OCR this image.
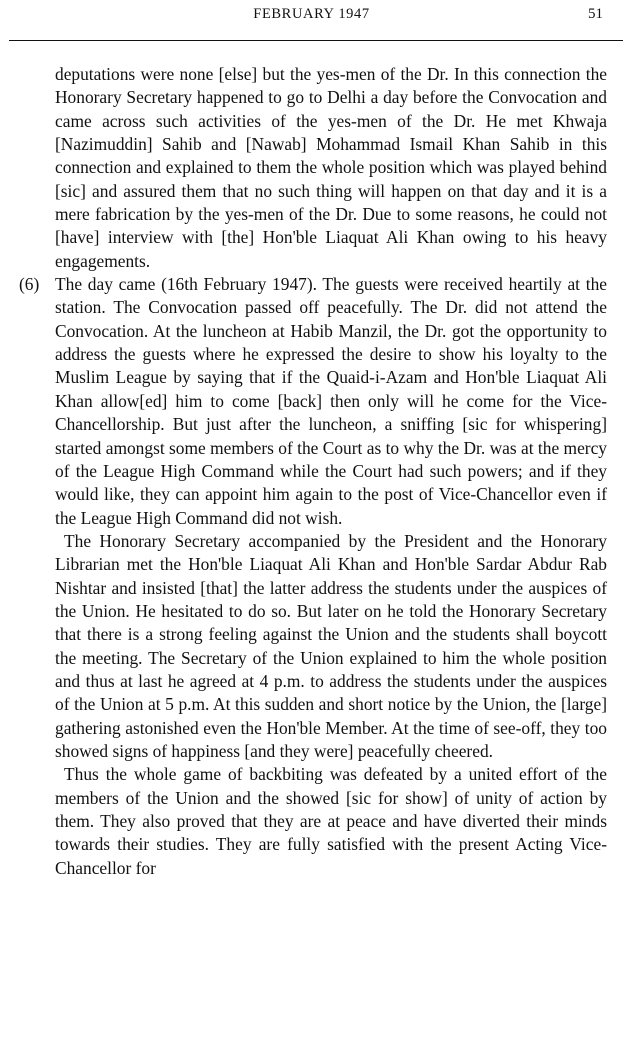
FEBRUARY 1947	51

deputations were none [else] but the yes-men of the Dr. In this connection the Honorary Secretary happened to go to Delhi a day before the Convocation and came across such activities of the yes-men of the Dr. He met Khwaja [Nazimuddin] Sahib and [Nawab] Mohammad Ismail Khan Sahib in this connection and explained to them the whole position which was played behind [sic] and assured them that no such thing will happen on that day and it is a mere fabrication by the yes-men of the Dr. Due to some reasons, he could not [have] interview with [the] Hon'ble Liaquat Ali Khan owing to his heavy engagements.

(6) The day came (16th February 1947). The guests were received heartily at the station. The Convocation passed off peacefully. The Dr. did not attend the Convocation. At the luncheon at Habib Manzil, the Dr. got the opportunity to address the guests where he expressed the desire to show his loyalty to the Muslim League by saying that if the Quaid-i-Azam and Hon'ble Liaquat Ali Khan allow[ed] him to come [back] then only will he come for the Vice-Chancellorship. But just after the luncheon, a sniffing [sic for whispering] started amongst some members of the Court as to why the Dr. was at the mercy of the League High Command while the Court had such powers; and if they would like, they can appoint him again to the post of Vice-Chancellor even if the League High Command did not wish.

The Honorary Secretary accompanied by the President and the Honorary Librarian met the Hon'ble Liaquat Ali Khan and Hon'ble Sardar Abdur Rab Nishtar and insisted [that] the latter address the students under the auspices of the Union. He hesitated to do so. But later on he told the Honorary Secretary that there is a strong feeling against the Union and the students shall boycott the meeting. The Secretary of the Union explained to him the whole position and thus at last he agreed at 4 p.m. to address the students under the auspices of the Union at 5 p.m. At this sudden and short notice by the Union, the [large] gathering astonished even the Hon'ble Member. At the time of see-off, they too showed signs of happiness [and they were] peacefully cheered.

Thus the whole game of backbiting was defeated by a united effort of the members of the Union and the showed [sic for show] of unity of action by them. They also proved that they are at peace and have diverted their minds towards their studies. They are fully satisfied with the present Acting Vice-Chancellor for
